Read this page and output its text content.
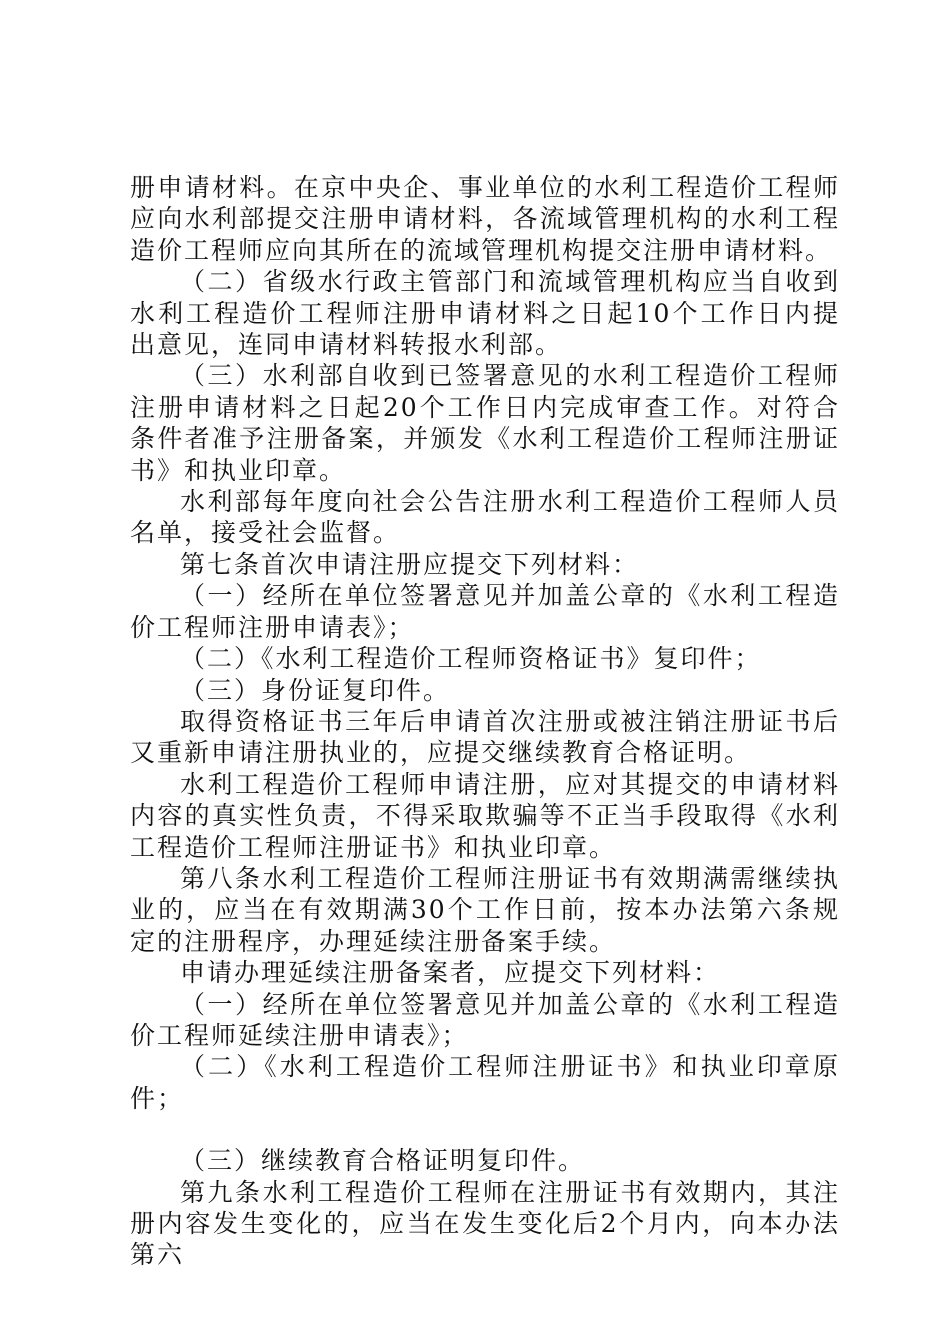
册申请材料。在京中央企、事业单位的水利工程造价工程师应向水利部提交注册申请材料，各流域管理机构的水利工程造价工程师应向其所在的流域管理机构提交注册申请材料。

（二）省级水行政主管部门和流域管理机构应当自收到水利工程造价工程师注册申请材料之日起10个工作日内提出意见，连同申请材料转报水利部。

（三）水利部自收到已签署意见的水利工程造价工程师注册申请材料之日起20个工作日内完成审查工作。对符合条件者准予注册备案，并颁发《水利工程造价工程师注册证书》和执业印章。

水利部每年度向社会公告注册水利工程造价工程师人员名单，接受社会监督。

第七条首次申请注册应提交下列材料：

（一）经所在单位签署意见并加盖公章的《水利工程造价工程师注册申请表》；

（二）《水利工程造价工程师资格证书》复印件；

（三）身份证复印件。

取得资格证书三年后申请首次注册或被注销注册证书后又重新申请注册执业的，应提交继续教育合格证明。

水利工程造价工程师申请注册，应对其提交的申请材料内容的真实性负责，不得采取欺骗等不正当手段取得《水利工程造价工程师注册证书》和执业印章。

第八条水利工程造价工程师注册证书有效期满需继续执业的，应当在有效期满30个工作日前，按本办法第六条规定的注册程序，办理延续注册备案手续。

申请办理延续注册备案者，应提交下列材料：

（一）经所在单位签署意见并加盖公章的《水利工程造价工程师延续注册申请表》；

（二）《水利工程造价工程师注册证书》和执业印章原件；

（三）继续教育合格证明复印件。

第九条水利工程造价工程师在注册证书有效期内，其注册内容发生变化的，应当在发生变化后2个月内，向本办法第六
